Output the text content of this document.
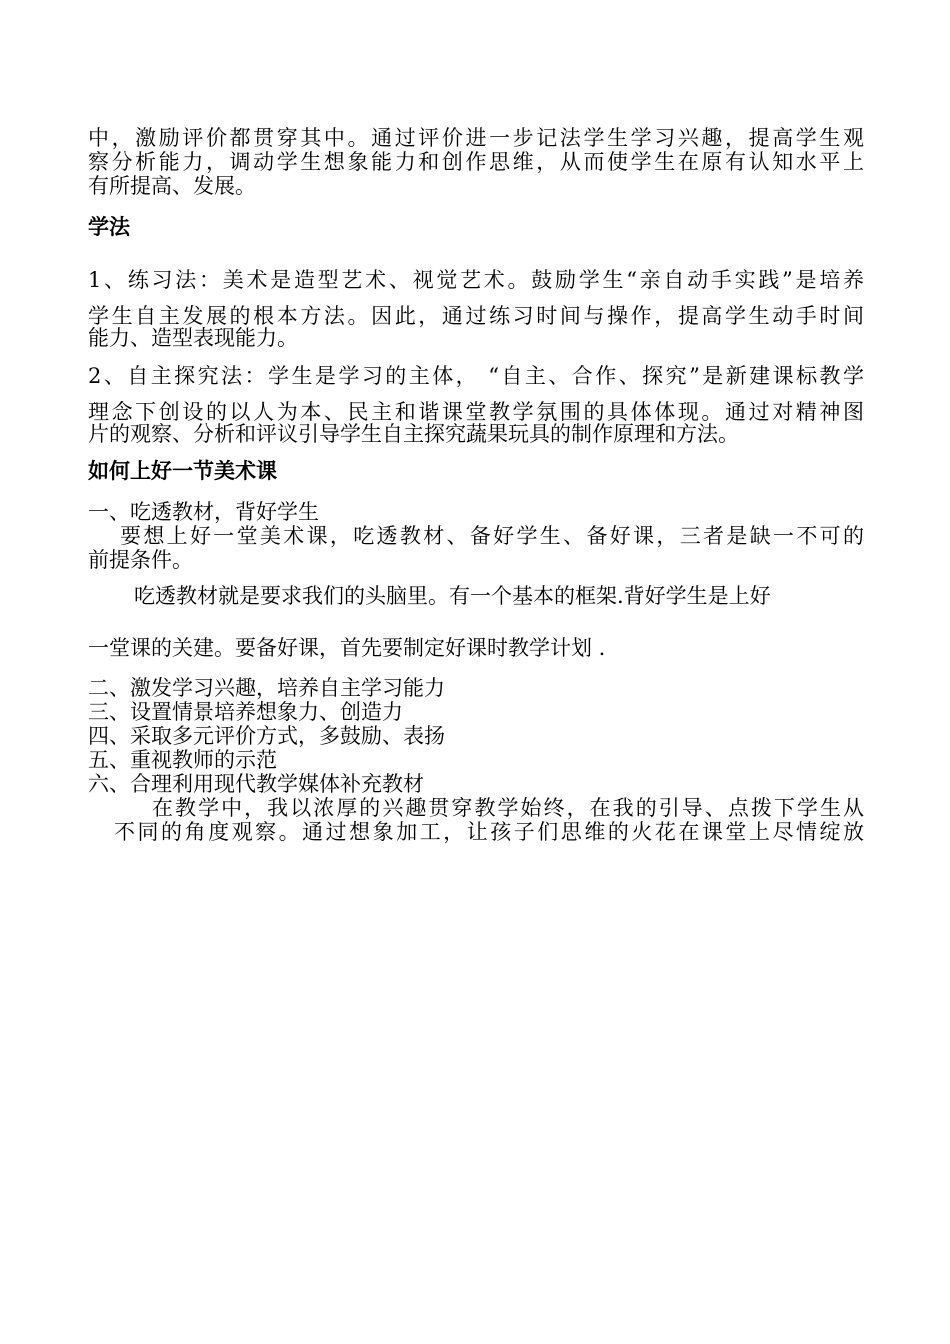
中，激励评价都贯穿其中。通过评价进一步记法学生学习兴趣，提高学生观
察分析能力，调动学生想象能力和创作思维，从而使学生在原有认知水平上
有所提高、发展。

学法

1、练习法：美术是造型艺术、视觉艺术。鼓励学生“亲自动手实践”是培养
学生自主发展的根本方法。因此，通过练习时间与操作，提高学生动手时间
能力、造型表现能力。

2、自主探究法：学生是学习的主体， “自主、合作、探究”是新建课标教学
理念下创设的以人为本、民主和谐课堂教学氛围的具体体现。通过对精神图
片的观察、分析和评议引导学生自主探究蔬果玩具的制作原理和方法。

如何上好一节美术课

一、吃透教材，背好学生

要想上好一堂美术课，吃透教材、备好学生、备好课，三者是缺一不可的
前提条件。

吃透教材就是要求我们的头脑里。有一个基本的框架.背好学生是上好

一堂课的关建。要备好课，首先要制定好课时教学计划 .

二、激发学习兴趣，培养自主学习能力
三、设置情景培养想象力、创造力
四、采取多元评价方式，多鼓励、表扬
五、重视教师的示范
六、合理利用现代教学媒体补充教材

在教学中，我以浓厚的兴趣贯穿教学始终，在我的引导、点拨下学生从
不同的角度观察。通过想象加工，让孩子们思维的火花在课堂上尽情绽放
